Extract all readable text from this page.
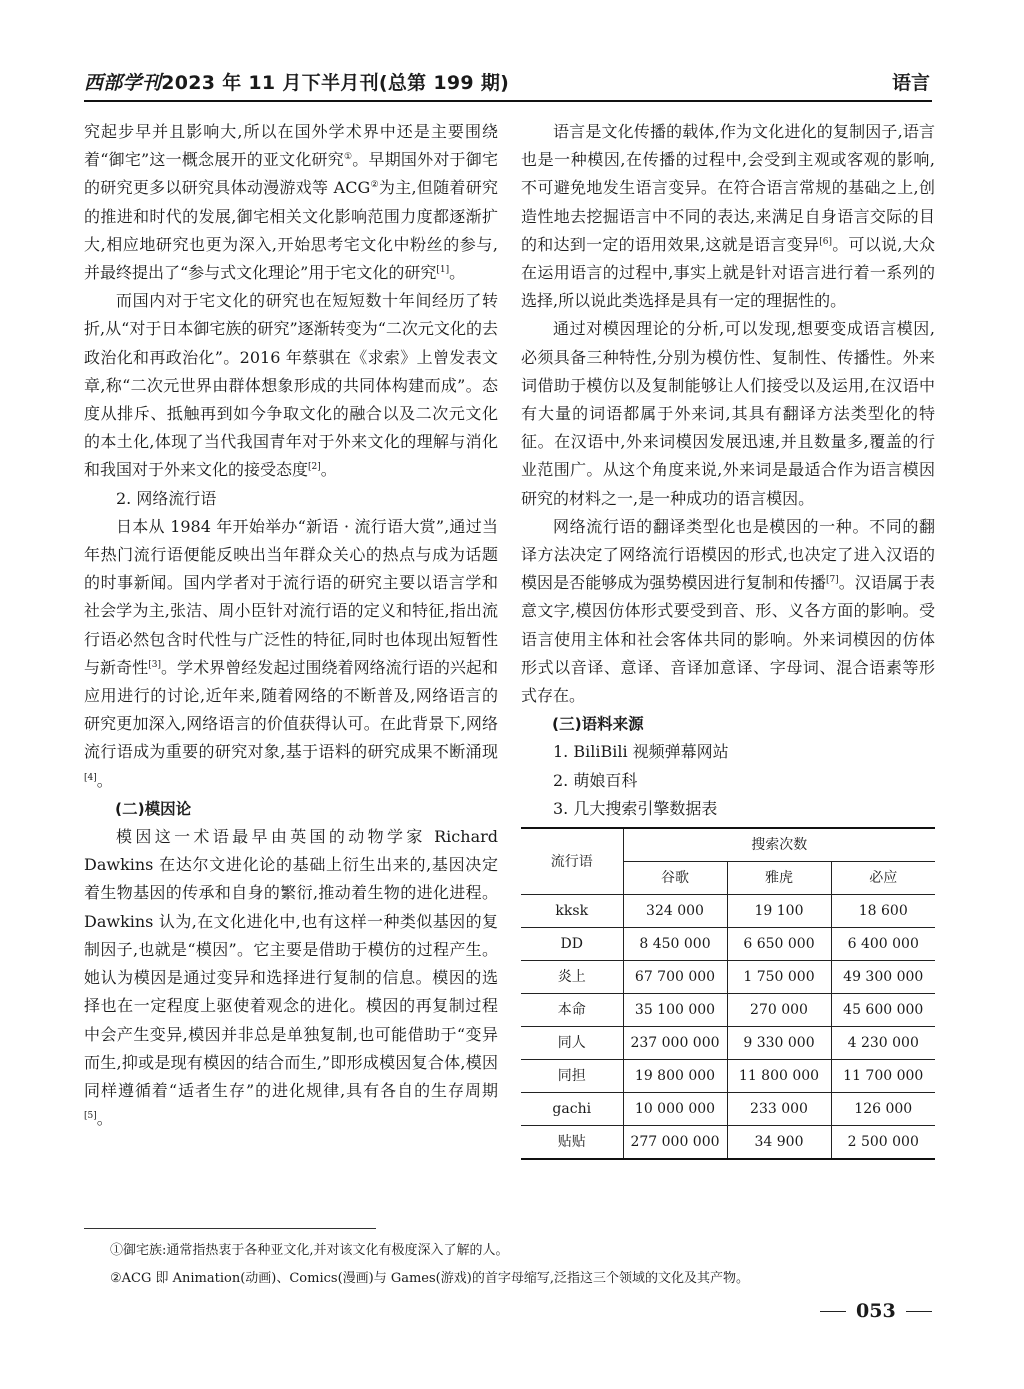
西部学刊2023 年 11 月下半月刊(总第 199 期)	语言

究起步早并且影响大,所以在国外学术界中还是主要围绕着“御宅”这一概念展开的亚文化研究①。早期国外对于御宅的研究更多以研究具体动漫游戏等 ACG②为主,但随着研究的推进和时代的发展,御宅相关文化影响范围力度都逐渐扩大,相应地研究也更为深入,开始思考宅文化中粉丝的参与,并最终提出了“参与式文化理论”用于宅文化的研究[1]。

而国内对于宅文化的研究也在短短数十年间经历了转折,从“对于日本御宅族的研究”逐渐转变为“二次元文化的去政治化和再政治化”。2016 年蔡骐在《求索》上曾发表文章,称“二次元世界由群体想象形成的共同体构建而成”。态度从排斥、抵触再到如今争取文化的融合以及二次元文化的本土化,体现了当代我国青年对于外来文化的理解与消化和我国对于外来文化的接受态度[2]。

2. 网络流行语

日本从 1984 年开始举办“新语 · 流行语大赏”,通过当年热门流行语便能反映出当年群众关心的热点与成为话题的时事新闻。国内学者对于流行语的研究主要以语言学和社会学为主,张洁、周小臣针对流行语的定义和特征,指出流行语必然包含时代性与广泛性的特征,同时也体现出短暂性与新奇性[3]。学术界曾经发起过围绕着网络流行语的兴起和应用进行的讨论,近年来,随着网络的不断普及,网络语言的研究更加深入,网络语言的价值获得认可。在此背景下,网络流行语成为重要的研究对象,基于语料的研究成果不断涌现[4]。

(二)模因论

模因这一术语最早由英国的动物学家 Richard Dawkins 在达尔文进化论的基础上衍生出来的,基因决定着生物基因的传承和自身的繁衍,推动着生物的进化进程。Dawkins 认为,在文化进化中,也有这样一种类似基因的复制因子,也就是“模因”。它主要是借助于模仿的过程产生。她认为模因是通过变异和选择进行复制的信息。模因的选择也在一定程度上驱使着观念的进化。模因的再复制过程中会产生变异,模因并非总是单独复制,也可能借助于“变异而生,抑或是现有模因的结合而生,”即形成模因复合体,模因同样遵循着“适者生存”的进化规律,具有各自的生存周期[5]。

语言是文化传播的载体,作为文化进化的复制因子,语言也是一种模因,在传播的过程中,会受到主观或客观的影响,不可避免地发生语言变异。在符合语言常规的基础之上,创造性地去挖掘语言中不同的表达,来满足自身语言交际的目的和达到一定的语用效果,这就是语言变异[6]。可以说,大众在运用语言的过程中,事实上就是针对语言进行着一系列的选择,所以说此类选择是具有一定的理据性的。

通过对模因理论的分析,可以发现,想要变成语言模因,必须具备三种特性,分别为模仿性、复制性、传播性。外来词借助于模仿以及复制能够让人们接受以及运用,在汉语中有大量的词语都属于外来词,其具有翻译方法类型化的特征。在汉语中,外来词模因发展迅速,并且数量多,覆盖的行业范围广。从这个角度来说,外来词是最适合作为语言模因研究的材料之一,是一种成功的语言模因。

网络流行语的翻译类型化也是模因的一种。不同的翻译方法决定了网络流行语模因的形式,也决定了进入汉语的模因是否能够成为强势模因进行复制和传播[7]。汉语属于表意文字,模因仿体形式要受到音、形、义各方面的影响。受语言使用主体和社会客体共同的影响。外来词模因的仿体形式以音译、意译、音译加意译、字母词、混合语素等形式存在。

(三)语料来源

1. BiliBili 视频弹幕网站

2. 萌娘百科

3. 几大搜索引擎数据表

流行语	搜索次数		
	谷歌	雅虎	必应
kksk	324 000	19 100	18 600
DD	8 450 000	6 650 000	6 400 000
炎上	67 700 000	1 750 000	49 300 000
本命	35 100 000	270 000	45 600 000
同人	237 000 000	9 330 000	4 230 000
同担	19 800 000	11 800 000	11 700 000
gachi	10 000 000	233 000	126 000
贴贴	277 000 000	34 900	2 500 000
①御宅族:通常指热衷于各种亚文化,并对该文化有极度深入了解的人。
②ACG 即 Animation(动画)、Comics(漫画)与 Games(游戏)的首字母缩写,泛指这三个领域的文化及其产物。
053
